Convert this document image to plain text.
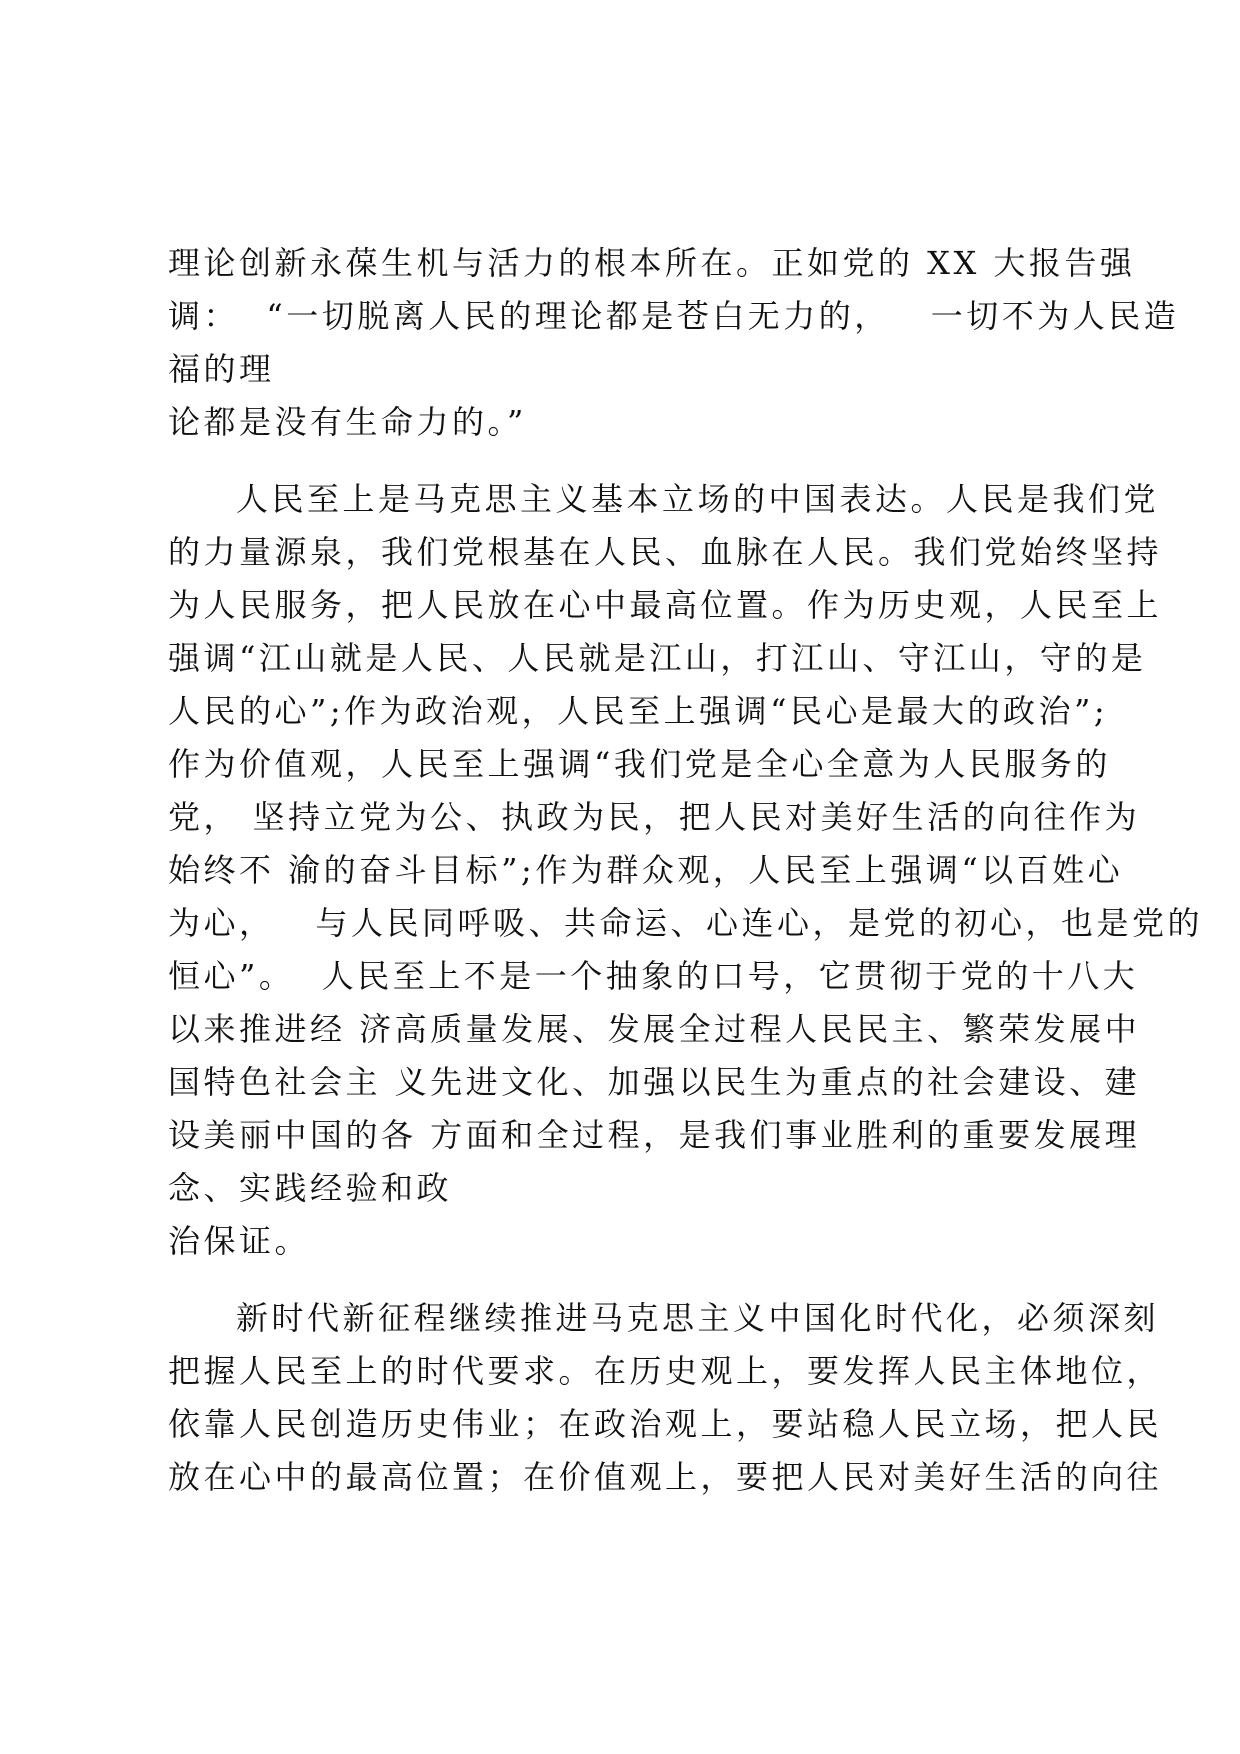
理论创新永葆生机与活力的根本所在。正如党的 XX 大报告强

调：  “一切脱离人民的理论都是苍白无力的，   一切不为人民造

福的理

论都是没有生命力的。”

人民至上是马克思主义基本立场的中国表达。人民是我们党

的力量源泉，我们党根基在人民、血脉在人民。我们党始终坚持

为人民服务，把人民放在心中最高位置。作为历史观，人民至上

强调“江山就是人民、人民就是江山，打江山、守江山，守的是

人民的心”;作为政治观，人民至上强调“民心是最大的政治”;

作为价值观，人民至上强调“我们党是全心全意为人民服务的

党， 坚持立党为公、执政为民，把人民对美好生活的向往作为

始终不 渝的奋斗目标”;作为群众观，人民至上强调“以百姓心

为心，   与人民同呼吸、共命运、心连心，是党的初心，也是党的

恒心”。  人民至上不是一个抽象的口号，它贯彻于党的十八大

以来推进经 济高质量发展、发展全过程人民民主、繁荣发展中

国特色社会主 义先进文化、加强以民生为重点的社会建设、建

设美丽中国的各 方面和全过程，是我们事业胜利的重要发展理

念、实践经验和政

治保证。

新时代新征程继续推进马克思主义中国化时代化，必须深刻

把握人民至上的时代要求。在历史观上，要发挥人民主体地位，

依靠人民创造历史伟业；在政治观上，要站稳人民立场，把人民

放在心中的最高位置；在价值观上，要把人民对美好生活的向往
